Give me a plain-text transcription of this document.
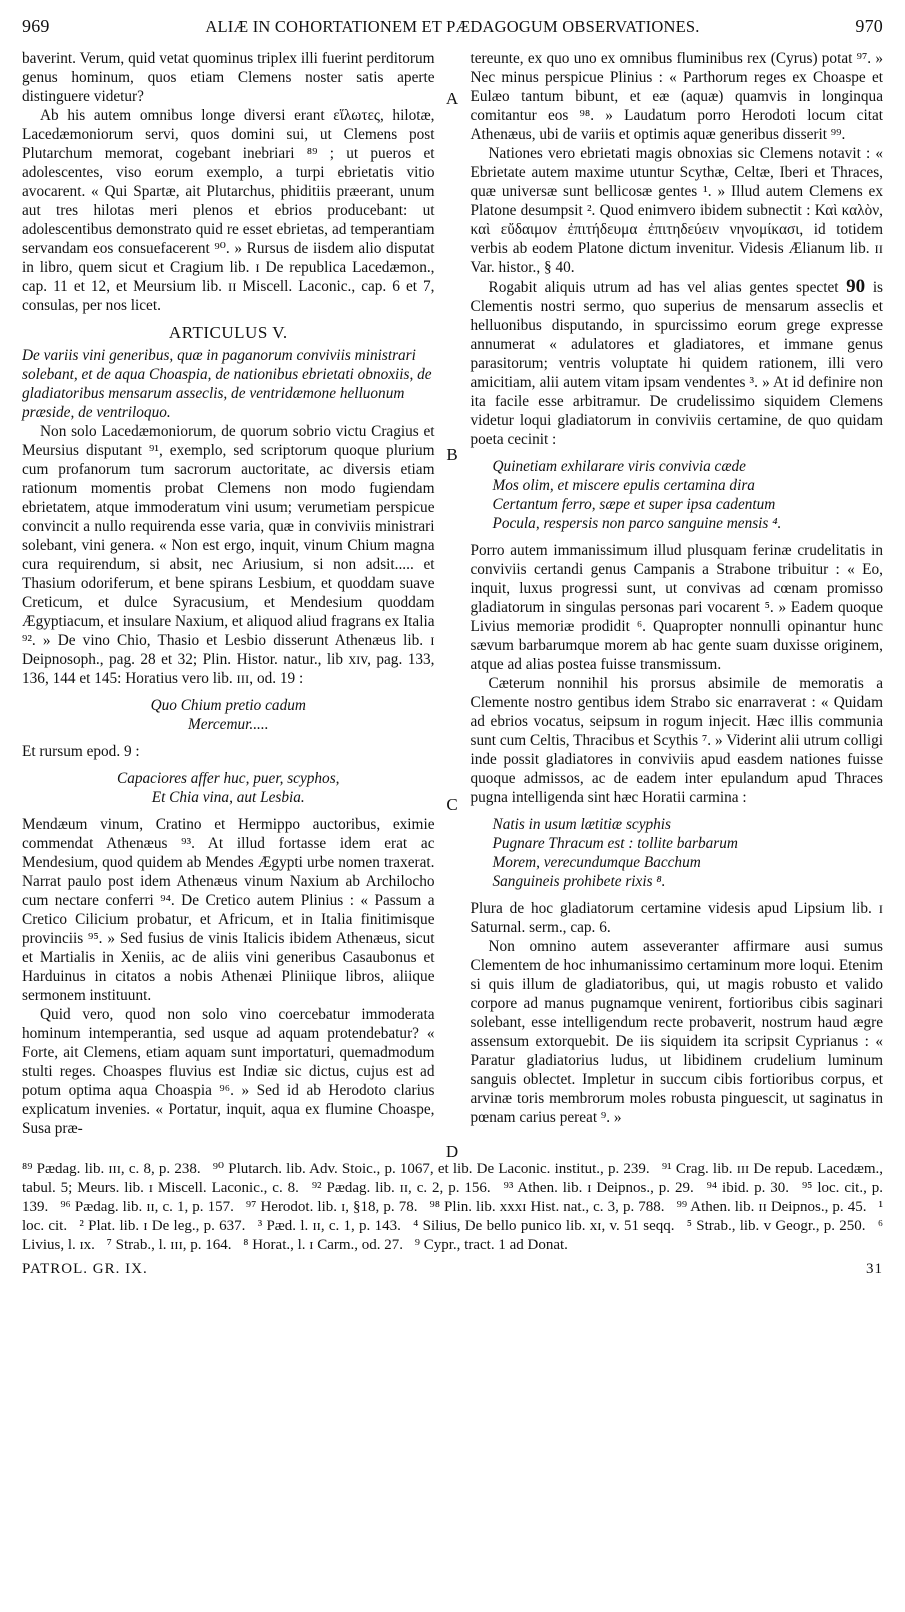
969	ALIÆ IN COHORTATIONEM ET PÆDAGOGUM OBSERVATIONES.	970

baverint. Verum, quid vetat quominus triplex illi fuerint perditorum genus hominum, quos etiam Clemens noster satis aperte distinguere videtur?

Ab his autem omnibus longe diversi erant εἵλωτες, hilotæ, Lacedæmoniorum servi, quos domini sui, ut Clemens post Plutarchum memorat, cogebant inebriari ⁸⁹ ; ut pueros et adolescentes, viso eorum exemplo, a turpi ebrietatis vitio avocarent. « Qui Spartæ, ait Plutarchus, phiditiis præerant, unum aut tres hilotas meri plenos et ebrios producebant: ut adolescentibus demonstrato quid re esset ebrietas, ad temperantiam servandam eos consuefacerent ⁹⁰. » Rursus de iisdem alio disputat in libro, quem sicut et Cragium lib. ɪ De republica Lacedæmon., cap. 11 et 12, et Meursium lib. ɪɪ Miscell. Laconic., cap. 6 et 7, consulas, per nos licet.

ARTICULUS V.

De variis vini generibus, quæ in paganorum conviviis ministrari solebant, et de aqua Choaspia, de nationibus ebrietati obnoxiis, de gladiatoribus mensarum asseclis, de ventridæmone helluonum præside, de ventriloquo.

Non solo Lacedæmoniorum, de quorum sobrio victu Cragius et Meursius disputant ⁹¹, exemplo, sed scriptorum quoque plurium cum profanorum tum sacrorum auctoritate, ac diversis etiam rationum momentis probat Clemens non modo fugiendam ebrietatem, atque immoderatum vini usum; verumetiam perspicue convincit a nullo requirenda esse varia, quæ in conviviis ministrari solebant, vini genera. « Non est ergo, inquit, vinum Chium magna cura requirendum, si absit, nec Ariusium, si non adsit..... et Thasium odoriferum, et bene spirans Lesbium, et quoddam suave Creticum, et dulce Syracusium, et Mendesium quoddam Ægyptiacum, et insulare Naxium, et aliquod aliud fragrans ex Italia ⁹². » De vino Chio, Thasio et Lesbio disserunt Athenæus lib. ɪ Deipnosoph., pag. 28 et 32; Plin. Histor. natur., lib xɪv, pag. 133, 136, 144 et 145: Horatius vero lib. ɪɪɪ, od. 19 :

Quo Chium pretio cadum
Mercemur.....

Et rursum epod. 9 :

Capaciores affer huc, puer, scyphos,
Et Chia vina, aut Lesbia.

Mendæum vinum, Cratino et Hermippo auctoribus, eximie commendat Athenæus ⁹³. At illud fortasse idem erat ac Mendesium, quod quidem ab Mendes Ægypti urbe nomen traxerat. Narrat paulo post idem Athenæus vinum Naxium ab Archilocho cum nectare conferri ⁹⁴. De Cretico autem Plinius : « Passum a Cretico Cilicium probatur, et Africum, et in Italia finitimisque provinciis ⁹⁵. » Sed fusius de vinis Italicis ibidem Athenæus, sicut et Martialis in Xeniis, ac de aliis vini generibus Casaubonus et Harduinus in citatos a nobis Athenæi Pliniique libros, aliique sermonem instituunt.

Quid vero, quod non solo vino coercebatur immoderata hominum intemperantia, sed usque ad aquam protendebatur? « Forte, ait Clemens, etiam aquam sunt importaturi, quemadmodum stulti reges. Choaspes fluvius est Indiæ sic dictus, cujus est ad potum optima aqua Choaspia ⁹⁶. » Sed id ab Herodoto clarius explicatum invenies. « Portatur, inquit, aqua ex flumine Choaspe, Susa præ-

A
B
C
D

tereunte, ex quo uno ex omnibus fluminibus rex (Cyrus) potat ⁹⁷. » Nec minus perspicue Plinius : « Parthorum reges ex Choaspe et Eulæo tantum bibunt, et eæ (aquæ) quamvis in longinqua comitantur eos ⁹⁸. » Laudatum porro Herodoti locum citat Athenæus, ubi de variis et optimis aquæ generibus disserit ⁹⁹.

Nationes vero ebrietati magis obnoxias sic Clemens notavit : « Ebrietate autem maxime utuntur Scythæ, Celtæ, Iberi et Thraces, quæ universæ sunt bellicosæ gentes ¹. » Illud autem Clemens ex Platone desumpsit ². Quod enimvero ibidem subnectit : Καὶ καλὸν, καὶ εὔδαιμον ἐπιτήδευμα ἐπιτηδεύειν νηνομίκασι, id totidem verbis ab eodem Platone dictum invenitur. Videsis Ælianum lib. ɪɪ Var. histor., § 40.

Rogabit aliquis utrum ad has vel alias gentes spectet 90 is Clementis nostri sermo, quo superius de mensarum asseclis et helluonibus disputando, in spurcissimo eorum grege expresse annumerat « adulatores et gladiatores, et immane genus parasitorum; ventris voluptate hi quidem rationem, illi vero amicitiam, alii autem vitam ipsam vendentes ³. » At id definire non ita facile esse arbitramur. De crudelissimo siquidem Clemens videtur loqui gladiatorum in conviviis certamine, de quo quidam poeta cecinit :

Quinetiam exhilarare viris convivia cæde
Mos olim, et miscere epulis certamina dira
Certantum ferro, sæpe et super ipsa cadentum
Pocula, respersis non parco sanguine mensis ⁴.

Porro autem immanissimum illud plusquam ferinæ crudelitatis in conviviis certandi genus Campanis a Strabone tribuitur : « Eo, inquit, luxus progressi sunt, ut convivas ad cœnam promisso gladiatorum in singulas personas pari vocarent ⁵. » Eadem quoque Livius memoriæ prodidit ⁶. Quapropter nonnulli opinantur hunc sævum barbarumque morem ab hac gente suam duxisse originem, atque ad alias postea fuisse transmissum.

Cæterum nonnihil his prorsus absimile de memoratis a Clemente nostro gentibus idem Strabo sic enarraverat : « Quidam ad ebrios vocatus, seipsum in rogum injecit. Hæc illis communia sunt cum Celtis, Thracibus et Scythis ⁷. » Viderint alii utrum colligi inde possit gladiatores in conviviis apud easdem nationes fuisse quoque admissos, ac de eadem inter epulandum apud Thraces pugna intelligenda sint hæc Horatii carmina :

Natis in usum lætitiæ scyphis
Pugnare Thracum est : tollite barbarum
Morem, verecundumque Bacchum
Sanguineis prohibete rixis ⁸.

Plura de hoc gladiatorum certamine videsis apud Lipsium lib. ɪ Saturnal. serm., cap. 6.

Non omnino autem asseveranter affirmare ausi sumus Clementem de hoc inhumanissimo certaminum more loqui. Etenim si quis illum de gladiatoribus, qui, ut magis robusto et valido corpore ad manus pugnamque venirent, fortioribus cibis saginari solebant, esse intelligendum recte probaverit, nostrum haud ægre assensum extorquebit. De iis siquidem ita scripsit Cyprianus : « Paratur gladiatorius ludus, ut libidinem crudelium luminum sanguis oblectet. Impletur in succum cibis fortioribus corpus, et arvinæ toris membrorum moles robusta pinguescit, ut saginatus in pœnam carius pereat ⁹. »

⁸⁹ Pædag. lib. ɪɪɪ, c. 8, p. 238. ⁹⁰ Plutarch. lib. Adv. Stoic., p. 1067, et lib. De Laconic. institut., p. 239. ⁹¹ Crag. lib. ɪɪɪ De repub. Lacedæm., tabul. 5; Meurs. lib. ɪ Miscell. Laconic., c. 8. ⁹² Pædag. lib. ɪɪ, c. 2, p. 156. ⁹³ Athen. lib. ɪ Deipnos., p. 29. ⁹⁴ ibid. p. 30. ⁹⁵ loc. cit., p. 139. ⁹⁶ Pædag. lib. ɪɪ, c. 1, p. 157. ⁹⁷ Herodot. lib. ɪ, §18, p. 78. ⁹⁸ Plin. lib. xxxɪ Hist. nat., c. 3, p. 788. ⁹⁹ Athen. lib. ɪɪ Deipnos., p. 45. ¹ loc. cit. ² Plat. lib. ɪ De leg., p. 637. ³ Pæd. l. ɪɪ, c. 1, p. 143. ⁴ Silius, De bello punico lib. xɪ, v. 51 seqq. ⁵ Strab., lib. v Geogr., p. 250. ⁶ Livius, l. ɪx. ⁷ Strab., l. ɪɪɪ, p. 164. ⁸ Horat., l. ɪ Carm., od. 27. ⁹ Cypr., tract. 1 ad Donat.
PATROL. GR. IX.	31
